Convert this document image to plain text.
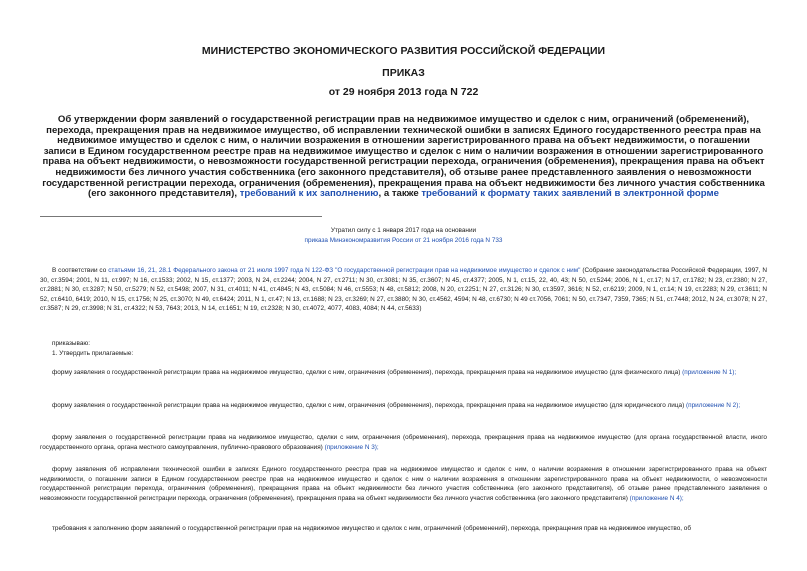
МИНИСТЕРСТВО ЭКОНОМИЧЕСКОГО РАЗВИТИЯ РОССИЙСКОЙ ФЕДЕРАЦИИ
ПРИКАЗ
от 29 ноября 2013 года N 722
Об утверждении форм заявлений о государственной регистрации прав на недвижимое имущество и сделок с ним, ограничений (обременений), перехода, прекращения прав на недвижимое имущество, об исправлении технической ошибки в записях Единого государственного реестра прав на недвижимое имущество и сделок с ним, о наличии возражения в отношении зарегистрированного права на объект недвижимости, о погашении записи в Едином государственном реестре прав на недвижимое имущество и сделок с ним о наличии возражения в отношении зарегистрированного права на объект недвижимости, о невозможности государственной регистрации перехода, ограничения (обременения), прекращения права на объект недвижимости без личного участия собственника (его законного представителя), об отзыве ранее представленного заявления о невозможности государственной регистрации перехода, ограничения (обременения), прекращения права на объект недвижимости без личного участия собственника (его законного представителя), требований к их заполнению, а также требований к формату таких заявлений в электронной форме
Утратил силу с 1 января 2017 года на основании
приказа Минэкономразвития России от 21 ноября 2016 года N 733
В соответствии со статьями 16, 21, 28.1 Федерального закона от 21 июля 1997 года N 122-ФЗ "О государственной регистрации прав на недвижимое имущество и сделок с ним" (Собрание законодательства Российской Федерации, 1997, N 30, ст.3594; 2001, N 11, ст.997; N 16, ст.1533; 2002, N 15, ст.1377; 2003, N 24, ст.2244; 2004, N 27, ст.2711; N 30, ст.3081; N 35, ст.3607; N 45, ст.4377; 2005, N 1, ст.15, 22, 40, 43; N 50, ст.5244; 2006, N 1, ст.17; N 17, ст.1782; N 23, ст.2380; N 27, ст.2881; N 30, ст.3287; N 50, ст.5279; N 52, ст.5498; 2007, N 31, ст.4011; N 41, ст.4845; N 43, ст.5084; N 46, ст.5553; N 48, ст.5812; 2008, N 20, ст.2251; N 27, ст.3126; N 30, ст.3597, 3616; N 52, ст.6219; 2009, N 1, ст.14; N 19, ст.2283; N 29, ст.3611; N 52, ст.6410, 6419; 2010, N 15, ст.1756; N 25, ст.3070; N 49, ст.6424; 2011, N 1, ст.47; N 13, ст.1688; N 23, ст.3269; N 27, ст.3880; N 30, ст.4562, 4594; N 48, ст.6730; N 49 ст.7056, 7061; N 50, ст.7347, 7359, 7365; N 51, ст.7448; 2012, N 24, ст.3078; N 27, ст.3587; N 29, ст.3998; N 31, ст.4322; N 53, 7643; 2013, N 14, ст.1651; N 19, ст.2328; N 30, ст.4072, 4077, 4083, 4084; N 44, ст.5633)
приказываю:
1. Утвердить прилагаемые:
форму заявления о государственной регистрации права на недвижимое имущество, сделки с ним, ограничения (обременения), перехода, прекращения права на недвижимое имущество (для физического лица) (приложение N 1);
форму заявления о государственной регистрации права на недвижимое имущество, сделки с ним, ограничения (обременения), перехода, прекращения права на недвижимое имущество (для юридического лица) (приложение N 2);
форму заявления о государственной регистрации права на недвижимое имущество, сделки с ним, ограничения (обременения), перехода, прекращения права на недвижимое имущество (для органа государственной власти, иного государственного органа, органа местного самоуправления, публично-правового образования) (приложение N 3);
форму заявления об исправлении технической ошибки в записях Единого государственного реестра прав на недвижимое имущество и сделок с ним, о наличии возражения в отношении зарегистрированного права на объект недвижимости, о погашении записи в Едином государственном реестре прав на недвижимое имущество и сделок с ним о наличии возражения в отношении зарегистрированного права на объект недвижимости, о невозможности государственной регистрации перехода, ограничения (обременения), прекращения права на объект недвижимости без личного участия собственника (его законного представителя), об отзыве ранее представленного заявления о невозможности государственной регистрации перехода, ограничения (обременения), прекращения права на объект недвижимости без личного участия собственника (его законного представителя) (приложение N 4);
требования к заполнению форм заявлений о государственной регистрации прав на недвижимое имущество и сделок с ним, ограничений (обременений), перехода, прекращения прав на недвижимое имущество, об
